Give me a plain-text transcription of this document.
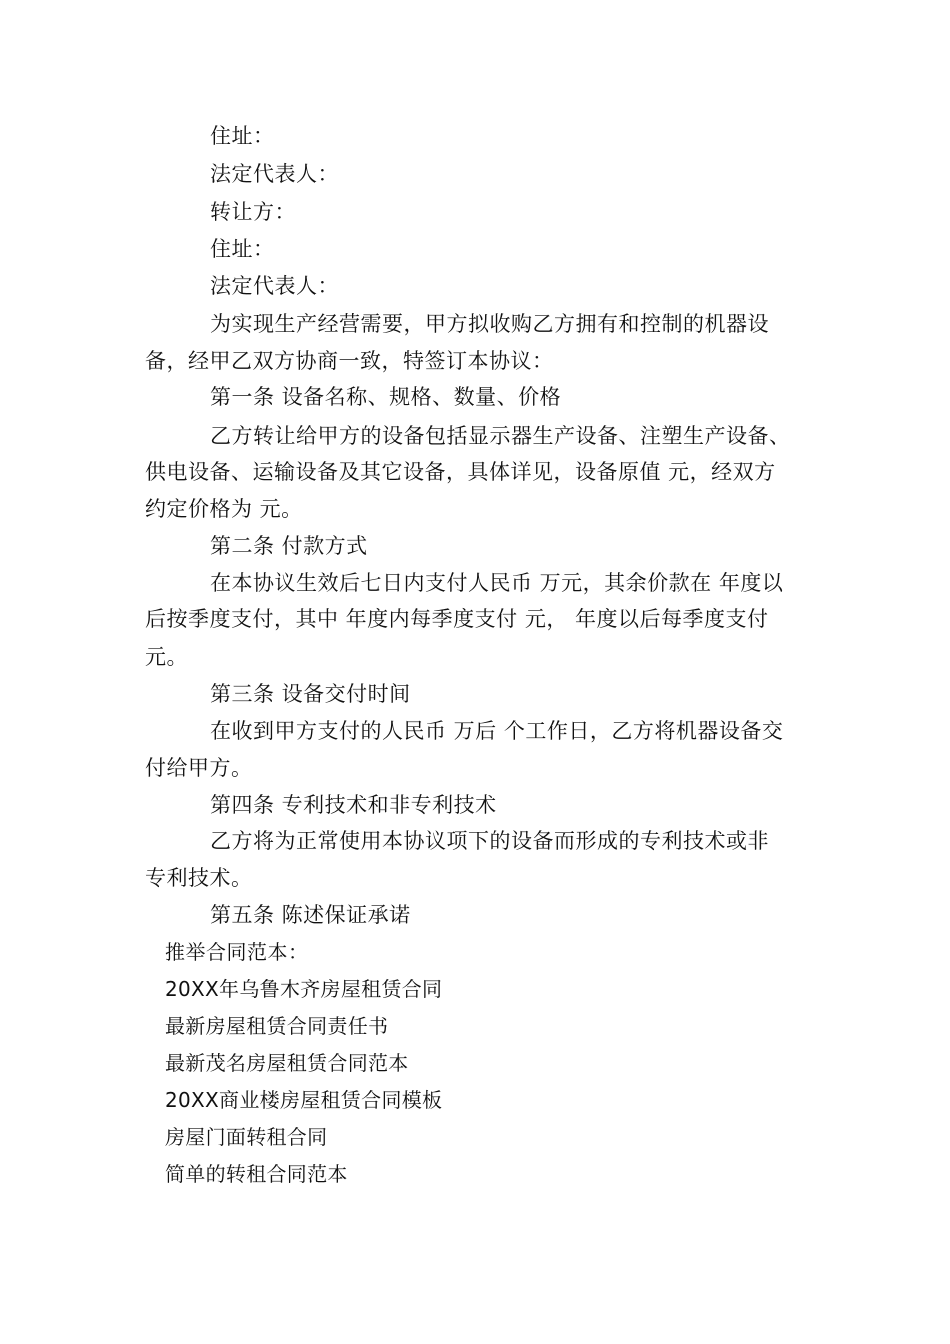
住址：
法定代表人：
转让方：
住址：
法定代表人：
为实现生产经营需要，甲方拟收购乙方拥有和控制的机器设
备，经甲乙双方协商一致，特签订本协议：
第一条 设备名称、规格、数量、价格
乙方转让给甲方的设备包括显示器生产设备、注塑生产设备、
供电设备、运输设备及其它设备，具体详见，设备原值 元，经双方
约定价格为 元。
第二条 付款方式
在本协议生效后七日内支付人民币 万元，其余价款在 年度以
后按季度支付，其中 年度内每季度支付 元， 年度以后每季度支付
元。
第三条 设备交付时间
在收到甲方支付的人民币 万后 个工作日，乙方将机器设备交
付给甲方。
第四条 专利技术和非专利技术
乙方将为正常使用本协议项下的设备而形成的专利技术或非
专利技术。
第五条 陈述保证承诺
推举合同范本：
20XX年乌鲁木齐房屋租赁合同
最新房屋租赁合同责任书
最新茂名房屋租赁合同范本
20XX商业楼房屋租赁合同模板
房屋门面转租合同
简单的转租合同范本
